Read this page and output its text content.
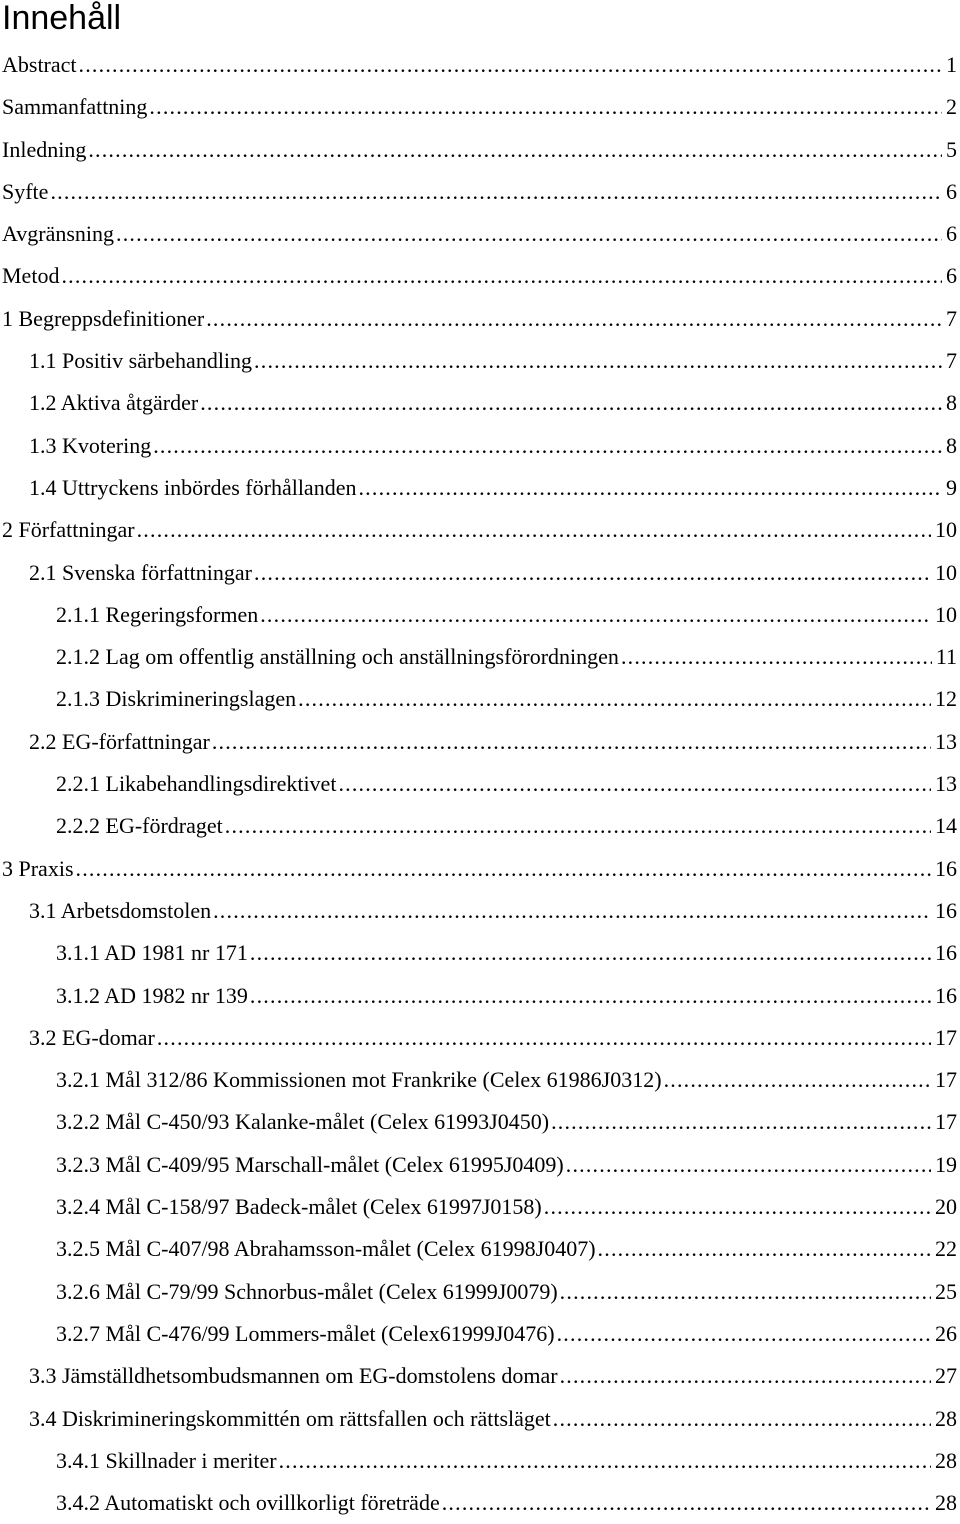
Innehåll
Abstract .....	1
Sammanfattning .....	2
Inledning .....	5
Syfte .....	6
Avgränsning .....	6
Metod .....	6
1 Begreppsdefinitioner .....	7
1.1 Positiv särbehandling .....	7
1.2 Aktiva åtgärder .....	8
1.3 Kvotering .....	8
1.4 Uttryckens inbördes förhållanden .....	9
2 Författningar .....	10
2.1 Svenska författningar .....	10
2.1.1 Regeringsformen .....	10
2.1.2 Lag om offentlig anställning och anställningsförordningen .....	11
2.1.3 Diskrimineringslagen .....	12
2.2 EG-författningar .....	13
2.2.1 Likabehandlingsdirektivet .....	13
2.2.2 EG-fördraget .....	14
3 Praxis .....	16
3.1 Arbetsdomstolen .....	16
3.1.1 AD 1981 nr 171 .....	16
3.1.2 AD 1982 nr 139 .....	16
3.2 EG-domar .....	17
3.2.1 Mål 312/86 Kommissionen mot Frankrike (Celex 61986J0312) .....	17
3.2.2 Mål C-450/93 Kalanke-målet (Celex 61993J0450) .....	17
3.2.3 Mål C-409/95 Marschall-målet (Celex 61995J0409) .....	19
3.2.4 Mål C-158/97 Badeck-målet (Celex 61997J0158) .....	20
3.2.5 Mål C-407/98 Abrahamsson-målet (Celex 61998J0407) .....	22
3.2.6 Mål C-79/99 Schnorbus-målet (Celex 61999J0079) .....	25
3.2.7 Mål C-476/99 Lommers-målet (Celex61999J0476) .....	26
3.3 Jämställdhetsombudsmannen om EG-domstolens domar .....	27
3.4 Diskrimineringskommittén om rättsfallen och rättsläget .....	28
3.4.1 Skillnader i meriter .....	28
3.4.2 Automatiskt och ovillkorligt företräde .....	28
